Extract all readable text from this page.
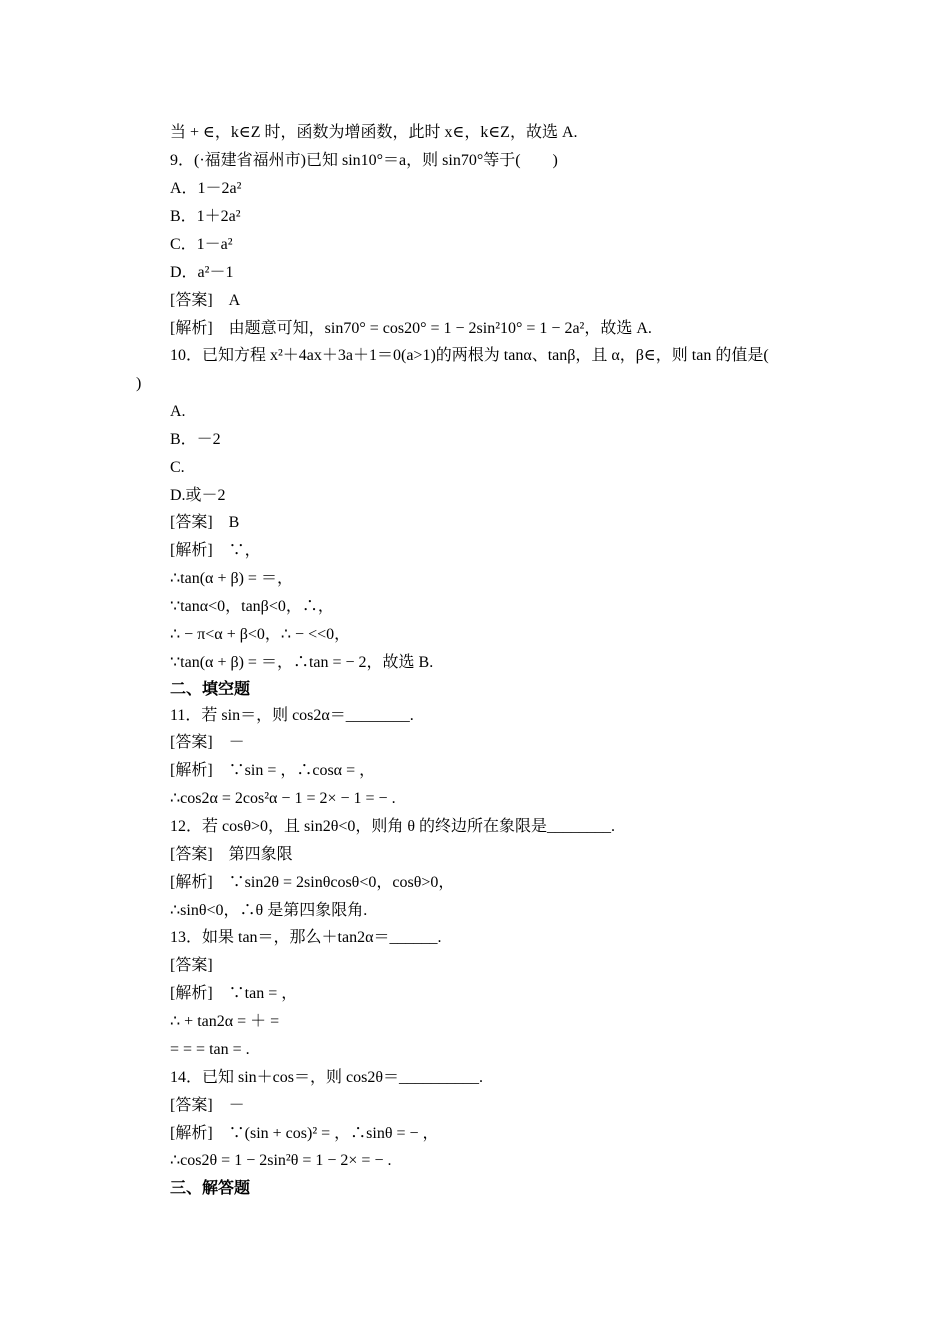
当 + ∈，k∈Z 时，函数为增函数，此时 x∈，k∈Z，故选 A.
9．(·福建省福州市)已知 sin10°＝a，则 sin70°等于(　　)
A．1－2a²
B．1＋2a²
C．1－a²
D．a²－1
[答案]　A
[解析]　由题意可知，sin70° = cos20° = 1 − 2sin²10° = 1 − 2a²，故选 A.
10．已知方程 x²＋4ax＋3a＋1＝0(a>1)的两根为 tanα、tanβ，且 α，β∈，则 tan 的值是(
)
A.
B．－2
C.
D.或－2
[答案]　B
[解析]　∵，
∴tan(α + β) = ＝，
∵tanα<0，tanβ<0，∴，
∴ − π<α + β<0，∴ − <<0，
∵tan(α + β) = ＝，∴tan = − 2，故选 B.
二、填空题
11．若 sin＝，则 cos2α＝________.
[答案]　－
[解析]　∵sin = ，∴cosα = ，
∴cos2α = 2cos²α − 1 = 2× − 1 = − .
12．若 cosθ>0，且 sin2θ<0，则角 θ 的终边所在象限是________.
[答案]　第四象限
[解析]　∵sin2θ = 2sinθcosθ<0，cosθ>0，
∴sinθ<0，∴θ 是第四象限角.
13．如果 tan＝，那么＋tan2α＝______.
[答案]
[解析]　∵tan = ，
∴ + tan2α = ＋ =
= = = tan = .
14．已知 sin＋cos＝，则 cos2θ＝__________.
[答案]　－
[解析]　∵(sin + cos)² = ，∴sinθ = − ，
∴cos2θ = 1 − 2sin²θ = 1 − 2× = − .
三、解答题
